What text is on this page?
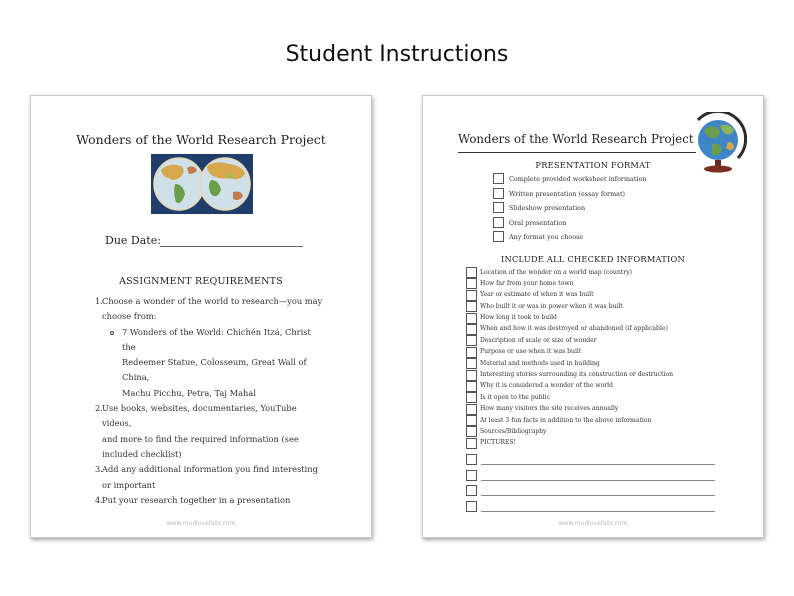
Student Instructions
Wonders of the World Research Project
Due Date:
ASSIGNMENT REQUIREMENTS
1. Choose a wonder of the world to research—you may
choose from:
7 Wonders of the World: Chichén Itzá, Christ the
Redeemer Statue, Colosseum, Great Wall of China,
Machu Picchu, Petra, Taj Mahal
2. Use books, websites, documentaries, YouTube videos,
and more to find the required information (see
included checklist)
3. Add any additional information you find interesting
or important
4. Put your research together in a presentation
www.mudlovelists.com
Wonders of the World Research Project
PRESENTATION FORMAT
Complete provided worksheet information
Written presentation (essay format)
Slideshow presentation
Oral presentation
Any format you choose
INCLUDE ALL CHECKED INFORMATION
Location of the wonder on a world map (country)
How far from your home town
Year or estimate of when it was built
Who built it or was in power when it was built
How long it took to build
When and how it was destroyed or abandoned (if applicable)
Description of scale or size of wonder
Purpose or use when it was built
Material and methods used in building
Interesting stories surrounding its construction or destruction
Why it is considered a wonder of the world
Is it open to the public
How many visitors the site receives annually
At least 3 fun facts in addition to the above information
Sources/Bibliography
PICTURES!
www.mudlovelists.com
